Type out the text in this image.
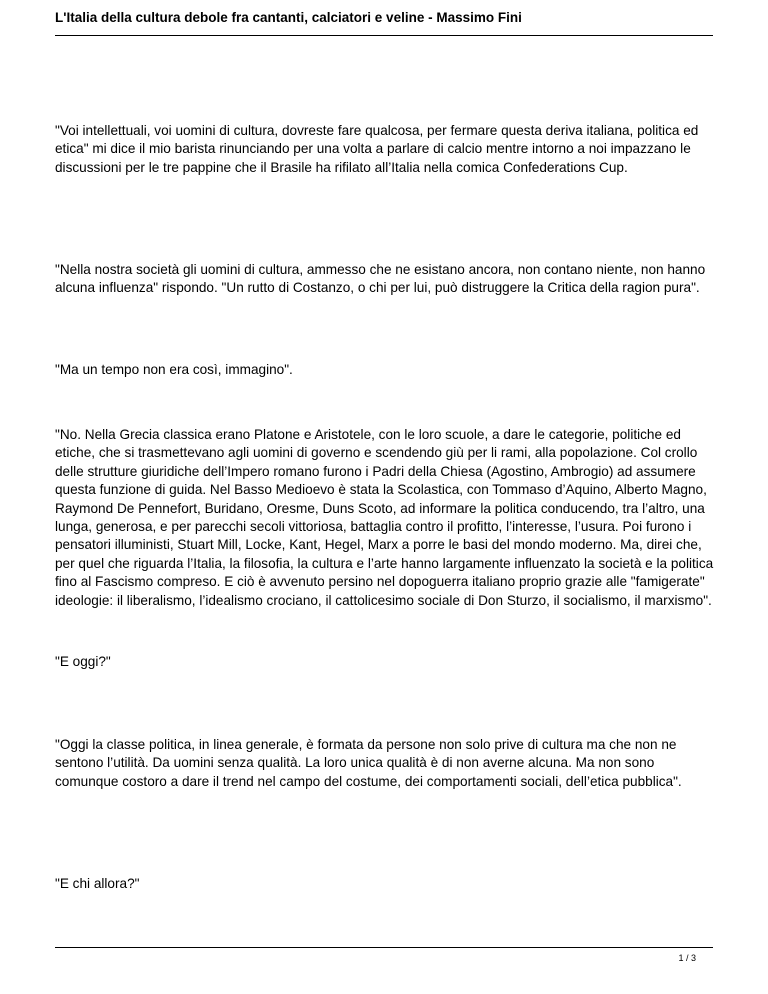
L'Italia della cultura debole fra cantanti, calciatori e veline - Massimo Fini

"Voi intellettuali, voi uomini di cultura, dovreste fare qualcosa, per fermare questa deriva italiana, politica ed etica" mi dice il mio barista rinunciando per una volta a parlare di calcio mentre intorno a noi impazzano le discussioni per le tre pappine che il Brasile ha rifilato all’Italia nella comica Confederations Cup.

"Nella nostra società gli uomini di cultura, ammesso che ne esistano ancora, non contano niente, non hanno alcuna influenza" rispondo. "Un rutto di Costanzo, o chi per lui, può distruggere la Critica della ragion pura".

"Ma un tempo non era così, immagino".

"No. Nella Grecia classica erano Platone e Aristotele, con le loro scuole, a dare le categorie, politiche ed etiche, che si trasmettevano agli uomini di governo e scendendo giù per li rami, alla popolazione. Col crollo delle strutture giuridiche dell’Impero romano furono i Padri della Chiesa (Agostino, Ambrogio) ad assumere questa funzione di guida. Nel Basso Medioevo è stata la Scolastica, con Tommaso d’Aquino, Alberto Magno, Raymond De Pennefort, Buridano, Oresme, Duns Scoto, ad informare la politica conducendo, tra l’altro, una lunga, generosa, e per parecchi secoli vittoriosa, battaglia contro il profitto, l’interesse, l’usura. Poi furono i pensatori illuministi, Stuart Mill, Locke, Kant, Hegel, Marx a porre le basi del mondo moderno. Ma, direi che, per quel che riguarda l’Italia, la filosofia, la cultura e l’arte hanno largamente influenzato la società e la politica fino al Fascismo compreso. E ciò è avvenuto persino nel dopoguerra italiano proprio grazie alle "famigerate" ideologie: il liberalismo, l’idealismo crociano, il cattolicesimo sociale di Don Sturzo, il socialismo, il marxismo".

"E oggi?"

"Oggi la classe politica, in linea generale, è formata da persone non solo prive di cultura ma che non ne sentono l’utilità. Da uomini senza qualità. La loro unica qualità è di non averne alcuna. Ma non sono comunque costoro a dare il trend nel campo del costume, dei comportamenti sociali, dell’etica pubblica".

"E chi allora?"

1 / 3
